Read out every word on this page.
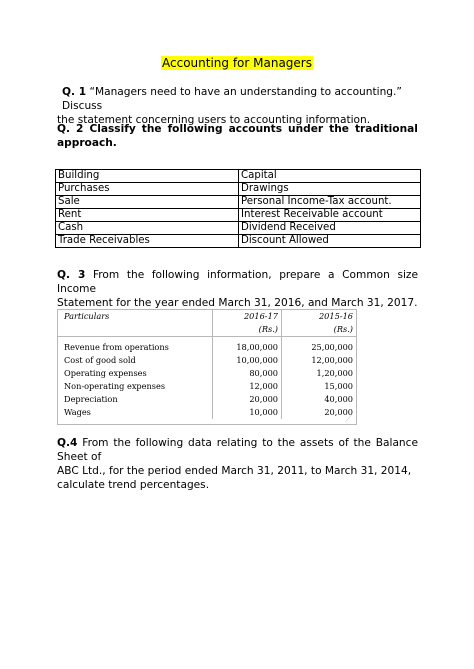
Accounting for Managers
Q. 1 “Managers need to have an understanding to accounting.” Discuss
the statement concerning users to accounting information.
Q. 2 Classify the following accounts under the traditional
approach.
Building	Capital
Purchases	Drawings
Sale	Personal Income-Tax account.
Rent	Interest Receivable account
Cash	Dividend Received
Trade Receivables	Discount Allowed
Q. 3 From the following information, prepare a Common size Income
Statement for the year ended March 31, 2016, and March 31, 2017.
Particulars	2016-17	2015-16
	(Rs.)	(Rs.)
Revenue from operations	18,00,000	25,00,000
Cost of good sold	10,00,000	12,00,000
Operating expenses	80,000	1,20,000
Non-operating expenses	12,000	15,000
Depreciation	20,000	40,000
Wages	10,000	20,000
⟋
Q.4 From the following data relating to the assets of the Balance Sheet of
ABC Ltd., for the period ended March 31, 2011, to March 31, 2014,
calculate trend percentages.
